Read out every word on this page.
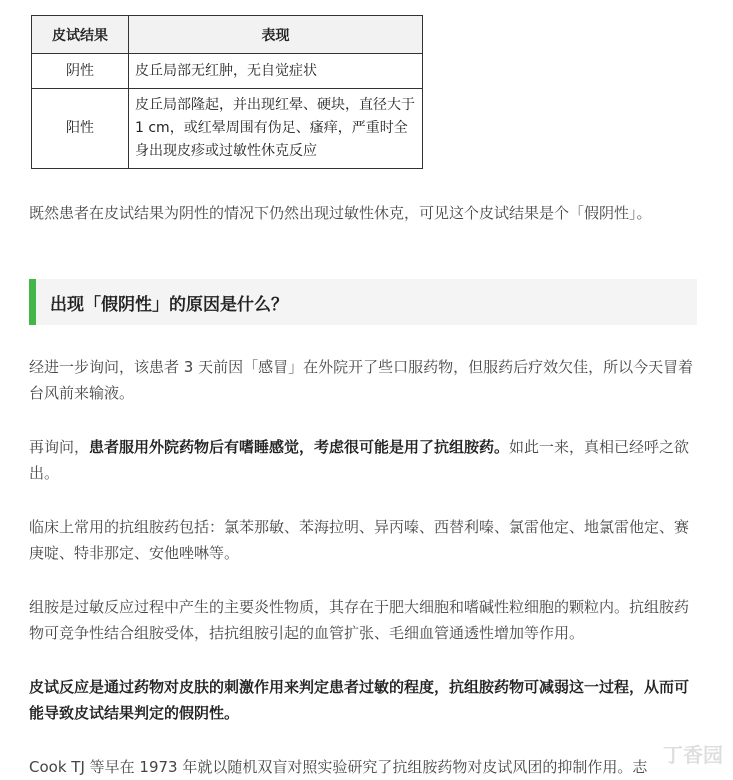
皮试结果	表现
阴性	皮丘局部无红肿，无自觉症状
阳性	皮丘局部隆起，并出现红晕、硬块，直径大于 1 cm，或红晕周围有伪足、瘙痒，严重时全身出现皮疹或过敏性休克反应
既然患者在皮试结果为阴性的情况下仍然出现过敏性休克，可见这个皮试结果是个「假阴性」。
出现「假阴性」的原因是什么？
经进一步询问，该患者 3 天前因「感冒」在外院开了些口服药物，但服药后疗效欠佳，所以今天冒着台风前来输液。
再询问，患者服用外院药物后有嗜睡感觉，考虑很可能是用了抗组胺药。如此一来，真相已经呼之欲出。
临床上常用的抗组胺药包括：氯苯那敏、苯海拉明、异丙嗪、西替利嗪、氯雷他定、地氯雷他定、赛庚啶、特非那定、安他唑啉等。
组胺是过敏反应过程中产生的主要炎性物质，其存在于肥大细胞和嗜碱性粒细胞的颗粒内。抗组胺药物可竞争性结合组胺受体，拮抗组胺引起的血管扩张、毛细血管通透性增加等作用。
皮试反应是通过药物对皮肤的刺激作用来判定患者过敏的程度，抗组胺药物可减弱这一过程，从而可能导致皮试结果判定的假阴性。
Cook TJ 等早在 1973 年就以随机双盲对照实验研究了抗组胺药物对皮试风团的抑制作用。志 丁香园
